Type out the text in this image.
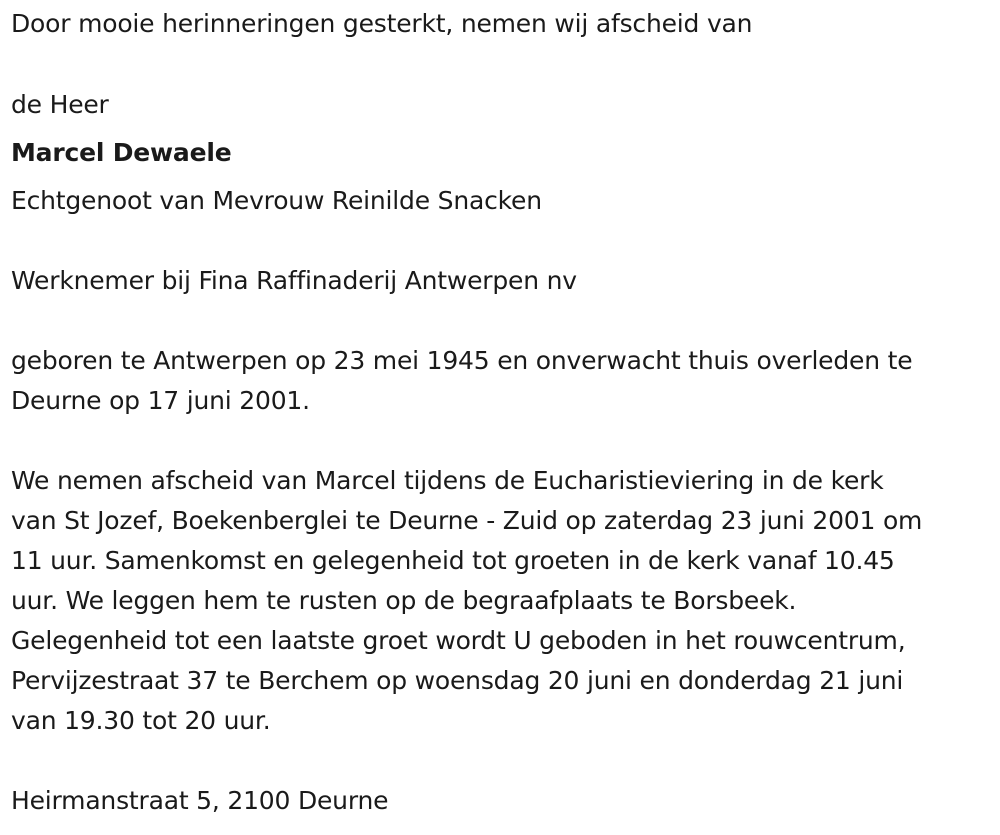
Door mooie herinneringen gesterkt, nemen wij afscheid van
de Heer
Marcel Dewaele
Echtgenoot van Mevrouw Reinilde Snacken
Werknemer bij Fina Raffinaderij Antwerpen nv
geboren te Antwerpen op 23 mei 1945 en onverwacht thuis overleden te
Deurne op 17 juni 2001.
We nemen afscheid van Marcel tijdens de Eucharistieviering in de kerk
van St Jozef, Boekenberglei te Deurne - Zuid op zaterdag 23 juni 2001 om
11 uur. Samenkomst en gelegenheid tot groeten in de kerk vanaf 10.45
uur. We leggen hem te rusten op de begraafplaats te Borsbeek.
Gelegenheid tot een laatste groet wordt U geboden in het rouwcentrum,
Pervijzestraat 37 te Berchem op woensdag 20 juni en donderdag 21 juni
van 19.30 tot 20 uur.
Heirmanstraat 5, 2100 Deurne
